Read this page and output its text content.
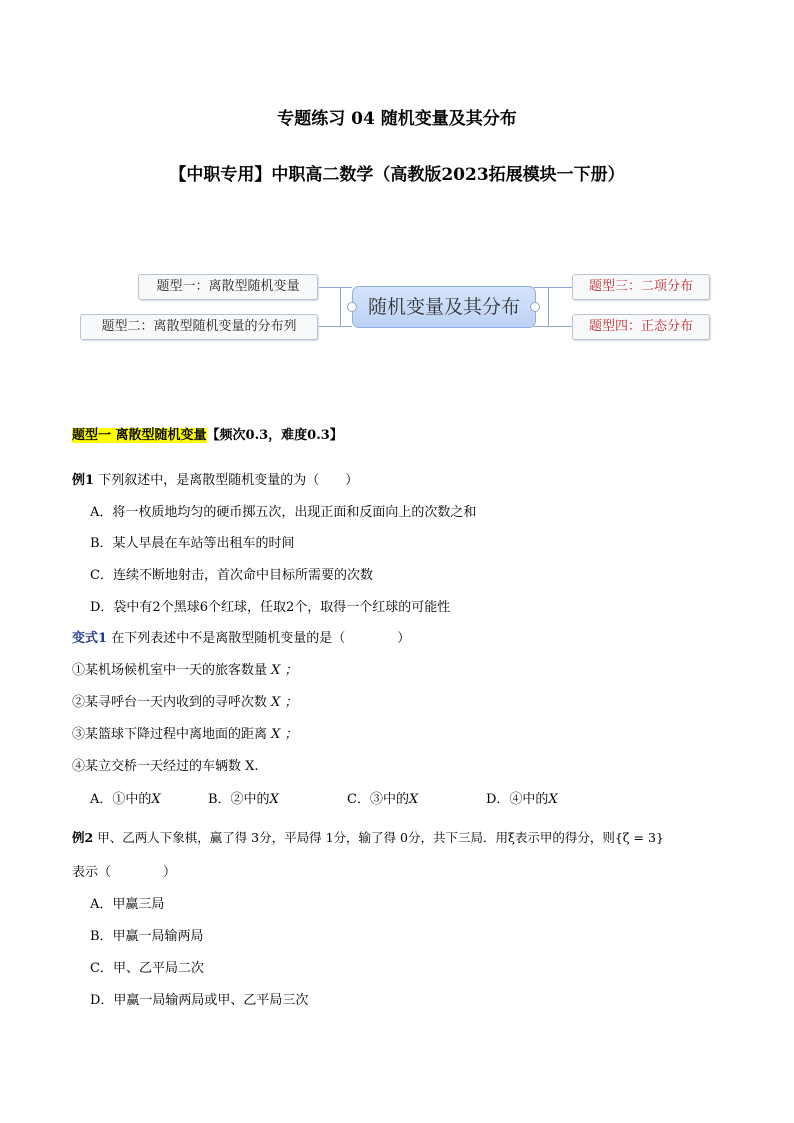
专题练习 04 随机变量及其分布
【中职专用】中职高二数学（高教版2023拓展模块一下册）
题型一：离散型随机变量
题型二：离散型随机变量的分布列
随机变量及其分布
题型三：二项分布
题型四：正态分布
题型一 离散型随机变量【频次0.3，难度0.3】
例1 下列叙述中，是离散型随机变量的为（　　）
A．将一枚质地均匀的硬币掷五次，出现正面和反面向上的次数之和
B．某人早晨在车站等出租车的时间
C．连续不断地射击，首次命中目标所需要的次数
D．袋中有2个黑球6个红球，任取2个，取得一个红球的可能性
变式1 在下列表述中不是离散型随机变量的是（　　　　）
①某机场候机室中一天的旅客数量 X ；
②某寻呼台一天内收到的寻呼次数 X ；
③某篮球下降过程中离地面的距离 X ；
④某立交桥一天经过的车辆数 X.
A．①中的X	B．②中的X	C．③中的X	D．④中的X
例2 甲、乙两人下象棋，赢了得 3分，平局得 1分，输了得 0分，共下三局．用ξ表示甲的得分，则{ζ = 3}
表示（　　　　）
A．甲赢三局
B．甲赢一局输两局
C．甲、乙平局二次
D．甲赢一局输两局或甲、乙平局三次
